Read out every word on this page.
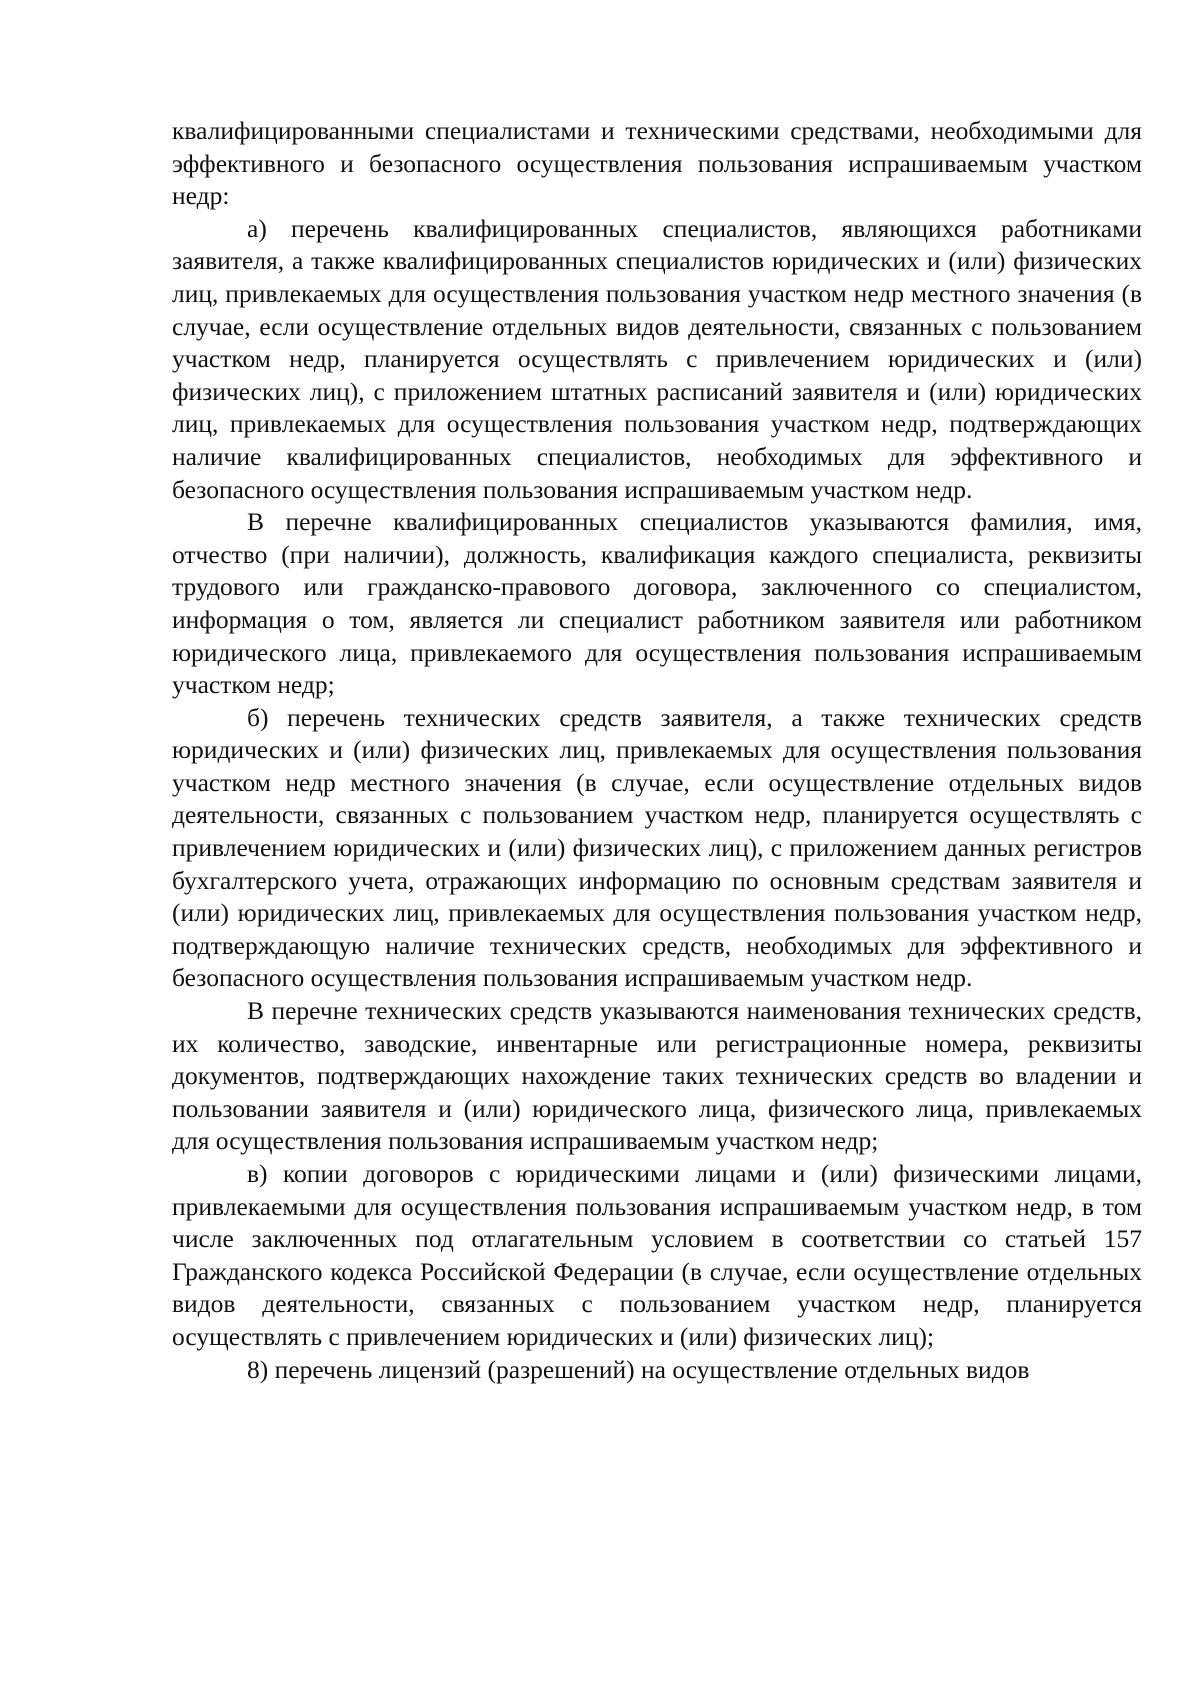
квалифицированными специалистами и техническими средствами, необходимыми для эффективного и безопасного осуществления пользования испрашиваемым участком недр:

а) перечень квалифицированных специалистов, являющихся работниками заявителя, а также квалифицированных специалистов юридических и (или) физических лиц, привлекаемых для осуществления пользования участком недр местного значения (в случае, если осуществление отдельных видов деятельности, связанных с пользованием участком недр, планируется осуществлять с привлечением юридических и (или) физических лиц), с приложением штатных расписаний заявителя и (или) юридических лиц, привлекаемых для осуществления пользования участком недр, подтверждающих наличие квалифицированных специалистов, необходимых для эффективного и безопасного осуществления пользования испрашиваемым участком недр.

В перечне квалифицированных специалистов указываются фамилия, имя, отчество (при наличии), должность, квалификация каждого специалиста, реквизиты трудового или гражданско-правового договора, заключенного со специалистом, информация о том, является ли специалист работником заявителя или работником юридического лица, привлекаемого для осуществления пользования испрашиваемым участком недр;

б) перечень технических средств заявителя, а также технических средств юридических и (или) физических лиц, привлекаемых для осуществления пользования участком недр местного значения (в случае, если осуществление отдельных видов деятельности, связанных с пользованием участком недр, планируется осуществлять с привлечением юридических и (или) физических лиц), с приложением данных регистров бухгалтерского учета, отражающих информацию по основным средствам заявителя и (или) юридических лиц, привлекаемых для осуществления пользования участком недр, подтверждающую наличие технических средств, необходимых для эффективного и безопасного осуществления пользования испрашиваемым участком недр.

В перечне технических средств указываются наименования технических средств, их количество, заводские, инвентарные или регистрационные номера, реквизиты документов, подтверждающих нахождение таких технических средств во владении и пользовании заявителя и (или) юридического лица, физического лица, привлекаемых для осуществления пользования испрашиваемым участком недр;

в) копии договоров с юридическими лицами и (или) физическими лицами, привлекаемыми для осуществления пользования испрашиваемым участком недр, в том числе заключенных под отлагательным условием в соответствии со статьей 157 Гражданского кодекса Российской Федерации (в случае, если осуществление отдельных видов деятельности, связанных с пользованием участком недр, планируется осуществлять с привлечением юридических и (или) физических лиц);

8) перечень лицензий (разрешений) на осуществление отдельных видов
